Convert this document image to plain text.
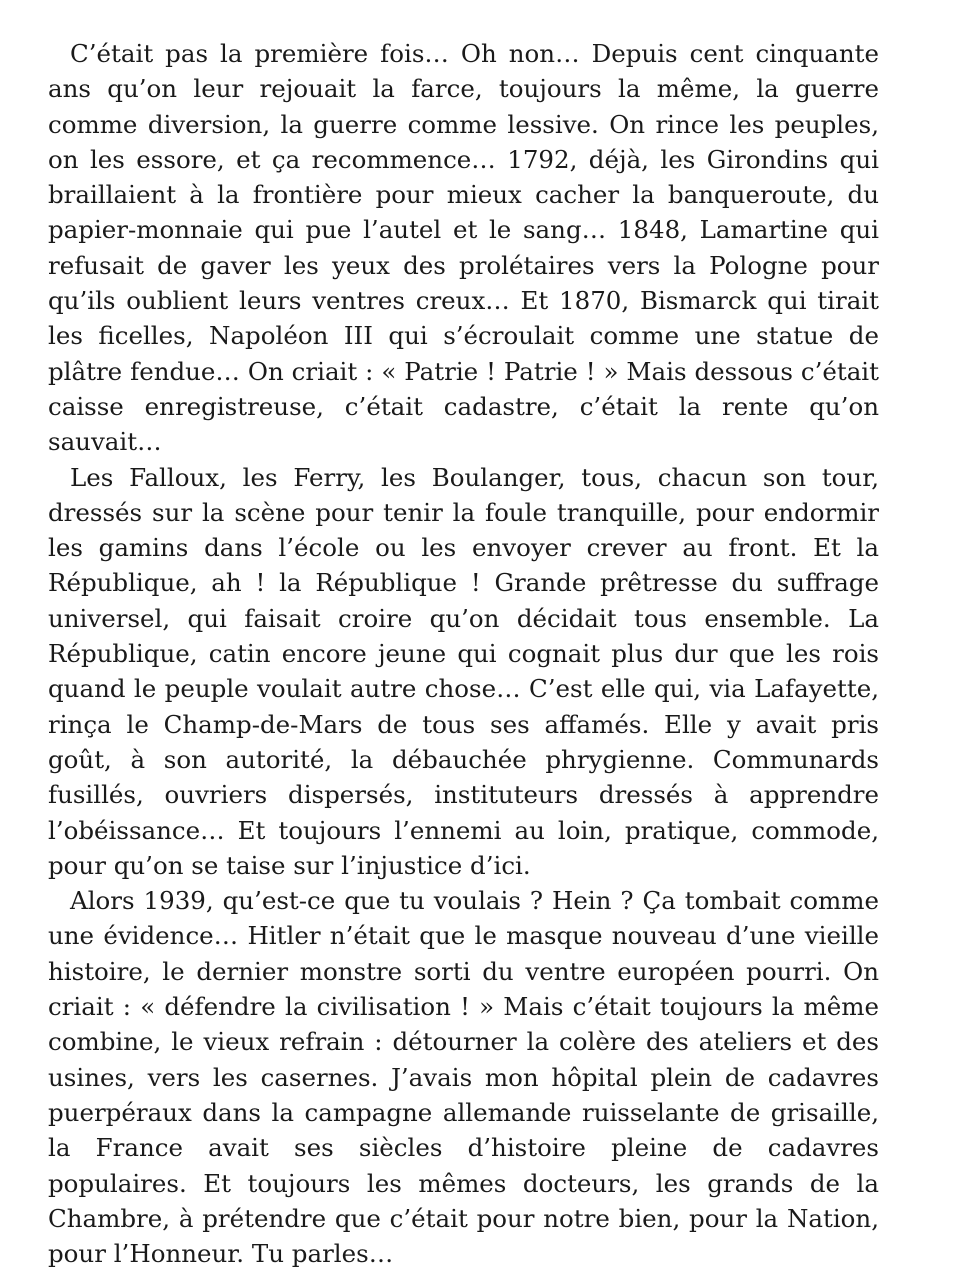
C’était pas la première fois… Oh non… Depuis cent cinquante ans qu’on leur rejouait la farce, toujours la même, la guerre comme diversion, la guerre comme lessive. On rince les peuples, on les essore, et ça recommence… 1792, déjà, les Girondins qui braillaient à la frontière pour mieux cacher la banqueroute, du papier-monnaie qui pue l’autel et le sang… 1848, Lamartine qui refusait de gaver les yeux des prolétaires vers la Pologne pour qu’ils oublient leurs ventres creux… Et 1870, Bismarck qui tirait les ficelles, Napoléon III qui s’écroulait comme une statue de plâtre fendue… On criait : « Patrie ! Patrie ! » Mais dessous c’était caisse enregistreuse, c’était cadastre, c’était la rente qu’on sauvait…

Les Falloux, les Ferry, les Boulanger, tous, chacun son tour, dressés sur la scène pour tenir la foule tranquille, pour endormir les gamins dans l’école ou les envoyer crever au front. Et la République, ah ! la République ! Grande prêtresse du suffrage universel, qui faisait croire qu’on décidait tous ensemble. La République, catin encore jeune qui cognait plus dur que les rois quand le peuple voulait autre chose… C’est elle qui, via Lafayette, rinça le Champ-de-Mars de tous ses affamés. Elle y avait pris goût, à son autorité, la débauchée phrygienne. Communards fusillés, ouvriers dispersés, instituteurs dressés à apprendre l’obéissance… Et toujours l’ennemi au loin, pratique, commode, pour qu’on se taise sur l’injustice d’ici.

Alors 1939, qu’est-ce que tu voulais ? Hein ? Ça tombait comme une évidence… Hitler n’était que le masque nouveau d’une vieille histoire, le dernier monstre sorti du ventre européen pourri. On criait : « défendre la civilisation ! » Mais c’était toujours la même combine, le vieux refrain : détourner la colère des ateliers et des usines, vers les casernes. J’avais mon hôpital plein de cadavres puerpéraux dans la campagne allemande ruisselante de grisaille, la France avait ses siècles d’histoire pleine de cadavres populaires. Et toujours les mêmes docteurs, les grands de la Chambre, à prétendre que c’était pour notre bien, pour la Nation, pour l’Honneur. Tu parles…
